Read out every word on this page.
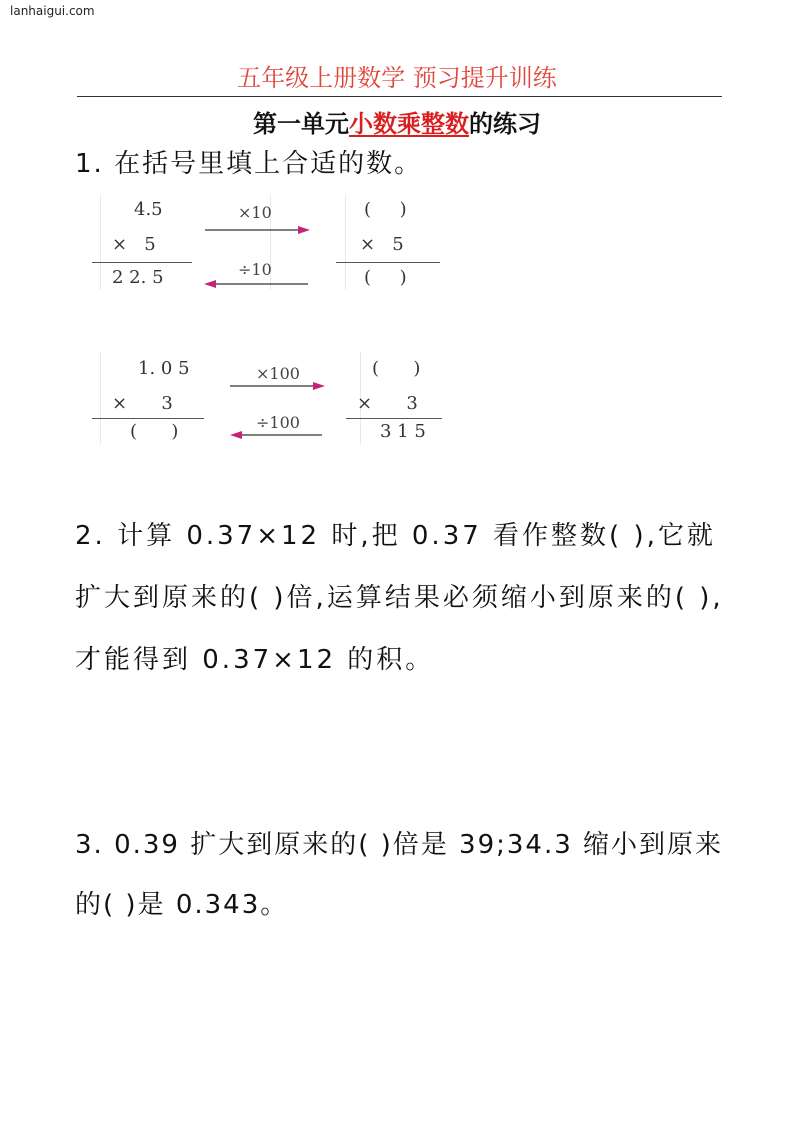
lanhaigui.com
五年级上册数学 预习提升训练
第一单元小数乘整数的练习
1. 在括号里填上合适的数。
4.5
×   5
2 2. 5
×10
÷10
(     )
×   5
(     )
1. 0 5
×      3
(      )
×100
÷100
(      )
×      3
3 1 5
2. 计算 0.37×12 时,把 0.37 看作整数( ),它就扩大到原来的( )倍,运算结果必须缩小到原来的( ),才能得到 0.37×12 的积。
3. 0.39 扩大到原来的( )倍是 39;34.3 缩小到原来的( )是 0.343。
